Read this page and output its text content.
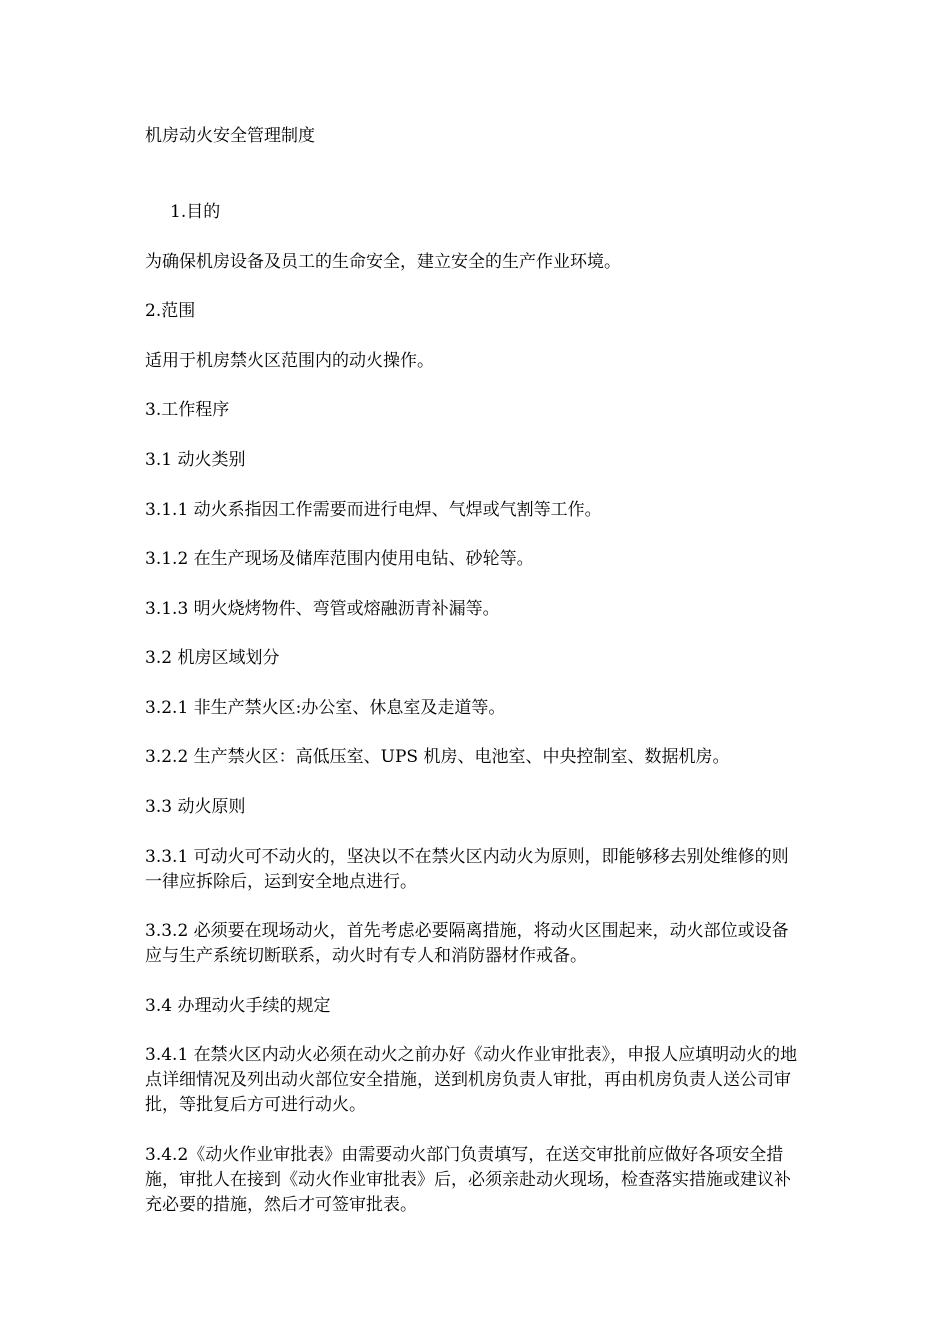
机房动火安全管理制度

1.目的

为确保机房设备及员工的生命安全，建立安全的生产作业环境。

2.范围

适用于机房禁火区范围内的动火操作。

3.工作程序

3.1 动火类别

3.1.1 动火系指因工作需要而进行电焊、气焊或气割等工作。

3.1.2 在生产现场及储库范围内使用电钻、砂轮等。

3.1.3 明火烧烤物件、弯管或熔融沥青补漏等。

3.2 机房区域划分

3.2.1 非生产禁火区:办公室、休息室及走道等。

3.2.2 生产禁火区：高低压室、UPS 机房、电池室、中央控制室、数据机房。

3.3 动火原则

3.3.1 可动火可不动火的，坚决以不在禁火区内动火为原则，即能够移去别处维修的则一律应拆除后，运到安全地点进行。

3.3.2 必须要在现场动火，首先考虑必要隔离措施，将动火区围起来，动火部位或设备应与生产系统切断联系，动火时有专人和消防器材作戒备。

3.4 办理动火手续的规定

3.4.1 在禁火区内动火必须在动火之前办好《动火作业审批表》，申报人应填明动火的地点详细情况及列出动火部位安全措施，送到机房负责人审批，再由机房负责人送公司审批，等批复后方可进行动火。

3.4.2《动火作业审批表》由需要动火部门负责填写，在送交审批前应做好各项安全措施，审批人在接到《动火作业审批表》后，必须亲赴动火现场，检查落实措施或建议补充必要的措施，然后才可签审批表。
